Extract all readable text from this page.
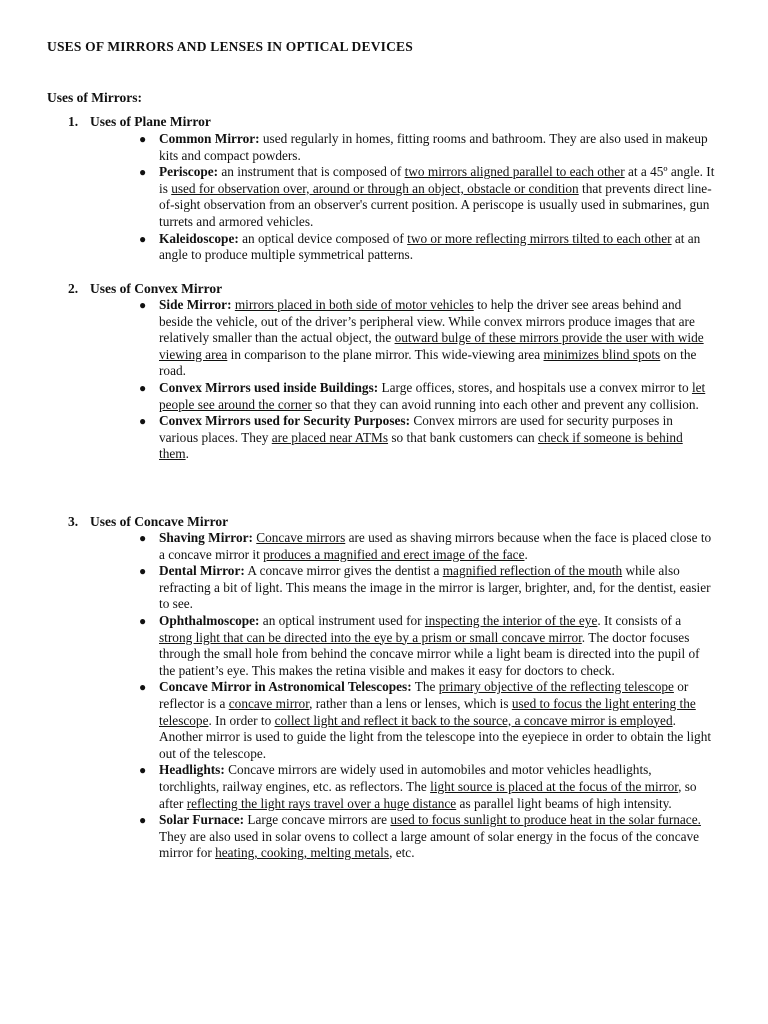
USES OF MIRRORS AND LENSES IN OPTICAL DEVICES
Uses of Mirrors:
1. Uses of Plane Mirror
● Common Mirror: used regularly in homes, fitting rooms and bathroom. They are also used in makeup kits and compact powders.
● Periscope: an instrument that is composed of two mirrors aligned parallel to each other at a 45º angle. It is used for observation over, around or through an object, obstacle or condition that prevents direct line-of-sight observation from an observer's current position. A periscope is usually used in submarines, gun turrets and armored vehicles.
● Kaleidoscope: an optical device composed of two or more reflecting mirrors tilted to each other at an angle to produce multiple symmetrical patterns.
2. Uses of Convex Mirror
● Side Mirror: mirrors placed in both side of motor vehicles to help the driver see areas behind and beside the vehicle, out of the driver’s peripheral view. While convex mirrors produce images that are relatively smaller than the actual object, the outward bulge of these mirrors provide the user with wide viewing area in comparison to the plane mirror. This wide-viewing area minimizes blind spots on the road.
● Convex Mirrors used inside Buildings: Large offices, stores, and hospitals use a convex mirror to let people see around the corner so that they can avoid running into each other and prevent any collision.
● Convex Mirrors used for Security Purposes: Convex mirrors are used for security purposes in various places. They are placed near ATMs so that bank customers can check if someone is behind them.
3. Uses of Concave Mirror
● Shaving Mirror: Concave mirrors are used as shaving mirrors because when the face is placed close to a concave mirror it produces a magnified and erect image of the face.
● Dental Mirror: A concave mirror gives the dentist a magnified reflection of the mouth while also refracting a bit of light. This means the image in the mirror is larger, brighter, and, for the dentist, easier to see.
● Ophthalmoscope: an optical instrument used for inspecting the interior of the eye. It consists of a strong light that can be directed into the eye by a prism or small concave mirror. The doctor focuses through the small hole from behind the concave mirror while a light beam is directed into the pupil of the patient’s eye. This makes the retina visible and makes it easy for doctors to check.
● Concave Mirror in Astronomical Telescopes: The primary objective of the reflecting telescope or reflector is a concave mirror, rather than a lens or lenses, which is used to focus the light entering the telescope. In order to collect light and reflect it back to the source, a concave mirror is employed. Another mirror is used to guide the light from the telescope into the eyepiece in order to obtain the light out of the telescope.
● Headlights: Concave mirrors are widely used in automobiles and motor vehicles headlights, torchlights, railway engines, etc. as reflectors. The light source is placed at the focus of the mirror, so after reflecting the light rays travel over a huge distance as parallel light beams of high intensity.
● Solar Furnace: Large concave mirrors are used to focus sunlight to produce heat in the solar furnace. They are also used in solar ovens to collect a large amount of solar energy in the focus of the concave mirror for heating, cooking, melting metals, etc.
